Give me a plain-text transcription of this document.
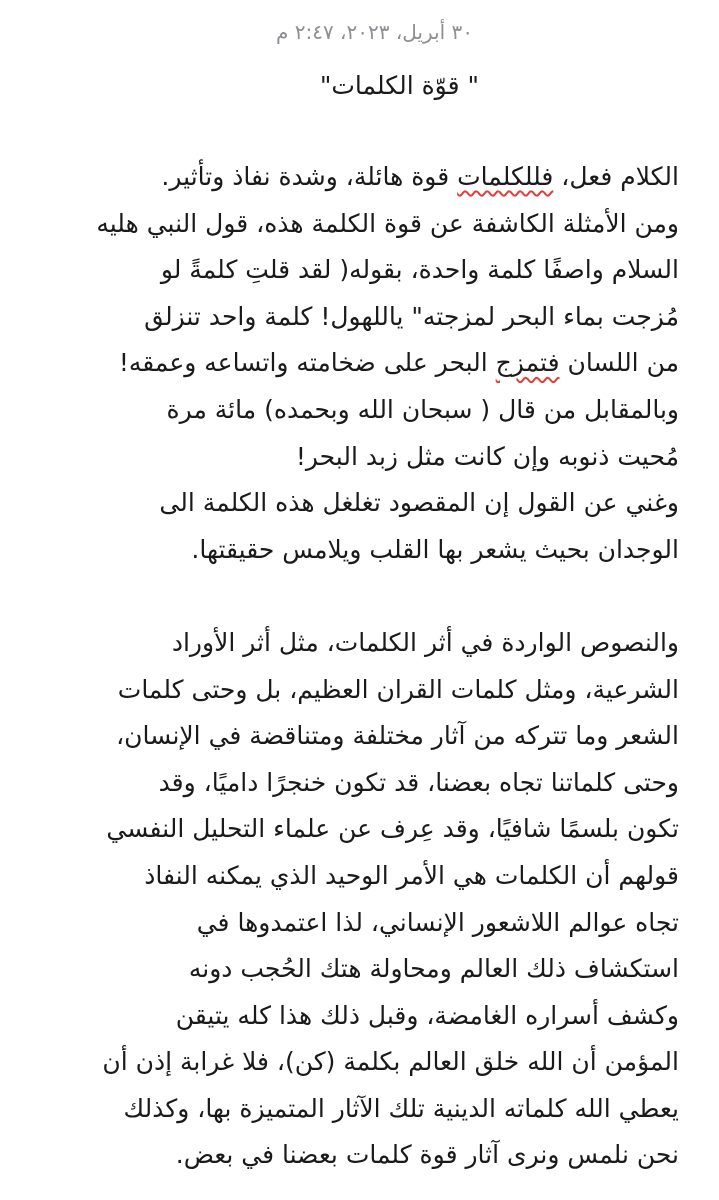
٣٠ أبريل، ٢٠٢٣، ٢:٤٧ م
" قوّة الكلمات"
الكلام فعل، فللكلمات قوة هائلة، وشدة نفاذ وتأثير.
ومن الأمثلة الكاشفة عن قوة الكلمة هذه، قول النبي هليه
السلام واصفًا كلمة واحدة، بقوله( لقد قلتِ كلمةً لو
مُزجت بماء البحر لمزجته" ياللهول! كلمة واحد تنزلق
من اللسان فتمزج البحر على ضخامته واتساعه وعمقه!
وبالمقابل من قال ( سبحان الله وبحمده) مائة مرة
مُحيت ذنوبه وإن كانت مثل زبد البحر!
وغني عن القول إن المقصود تغلغل هذه الكلمة الى
الوجدان بحيث يشعر بها القلب ويلامس حقيقتها.
والنصوص الواردة في أثر الكلمات، مثل أثر الأوراد
الشرعية، ومثل كلمات القران العظيم، بل وحتى كلمات
الشعر وما تتركه من آثار مختلفة ومتناقضة في الإنسان،
وحتى كلماتنا تجاه بعضنا، قد تكون خنجرًا داميًا، وقد
تكون بلسمًا شافيًا، وقد عِرف عن علماء التحليل النفسي
قولهم أن الكلمات هي الأمر الوحيد الذي يمكنه النفاذ
تجاه عوالم اللاشعور الإنساني، لذا اعتمدوها في
استكشاف ذلك العالم ومحاولة هتك الحُجب دونه
وكشف أسراره الغامضة، وقبل ذلك هذا كله يتيقن
المؤمن أن الله خلق العالم بكلمة (كن)، فلا غرابة إذن أن
يعطي الله كلماته الدينية تلك الآثار المتميزة بها، وكذلك
نحن نلمس ونرى آثار قوة كلمات بعضنا في بعض.
